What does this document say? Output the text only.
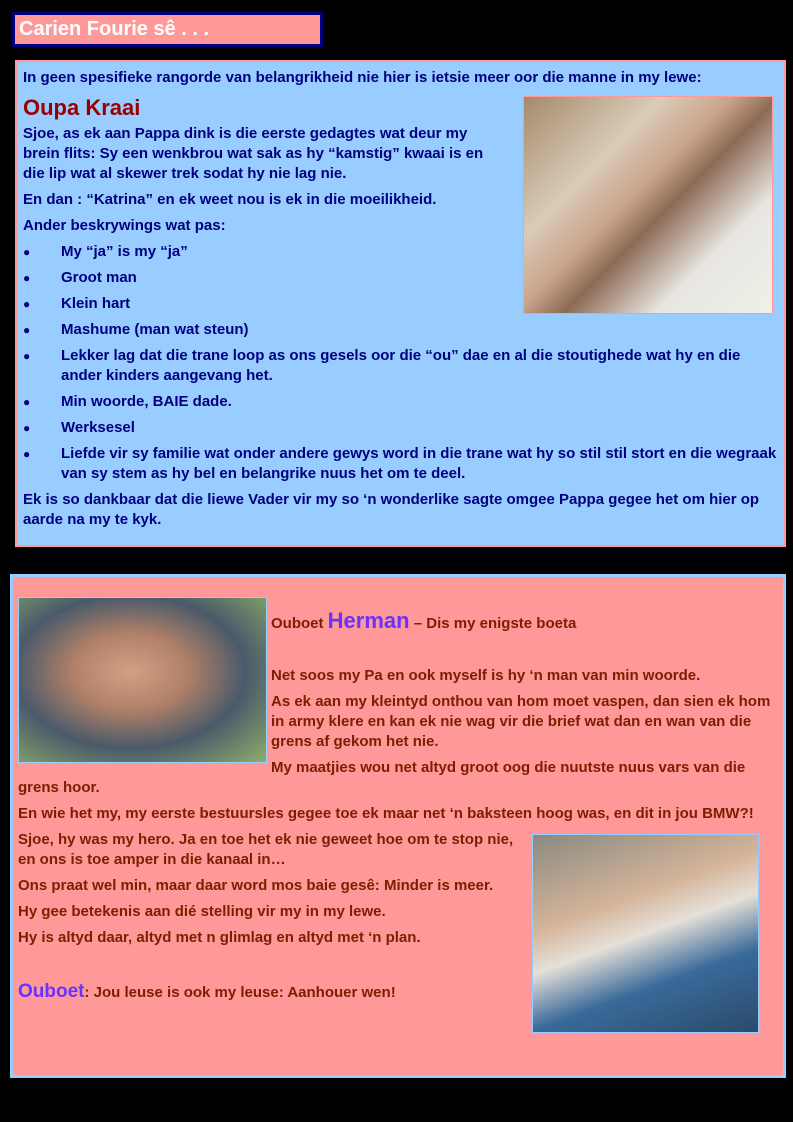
Carien Fourie sê . . .

In geen spesifieke rangorde van belangrikheid nie hier is ietsie meer oor die manne in my lewe:

Oupa Kraai

Sjoe, as ek aan Pappa dink is die eerste gedagtes wat deur my brein flits: Sy een wenkbrou wat sak as hy “kamstig” kwaai is en die lip wat al skewer trek sodat hy nie lag nie.

En dan : “Katrina” en ek weet nou is ek in die moeilikheid.

Ander beskrywings wat pas:

● My “ja” is my “ja”
● Groot man
● Klein hart
● Mashume (man wat steun)
● Lekker lag dat die trane loop as ons gesels oor die “ou” dae en al die stoutighede wat hy en die ander kinders aangevang het.
● Min woorde, BAIE dade.
● Werksesel
● Liefde vir sy familie wat onder andere gewys word in die trane wat hy so stil stil stort en die wegraak van sy stem as hy bel en belangrike nuus het om te deel.

Ek is so dankbaar dat die liewe Vader vir my so ‘n wonderlike sagte omgee Pappa gegee het om hier op aarde na my te kyk.

Ouboet Herman – Dis my enigste boeta

Net soos my Pa en ook myself is hy ‘n man van min woorde.

As ek aan my kleintyd onthou van hom moet vaspen, dan sien ek hom in army klere en kan ek nie wag vir die brief wat dan en wan van die grens af gekom het nie.

My maatjies wou net altyd groot oog die nuutste nuus vars van die grens hoor.

En wie het my, my eerste bestuursles gegee toe ek maar net ‘n baksteen hoog was, en dit in jou BMW?!

Sjoe, hy was my hero. Ja en toe het ek nie geweet hoe om te stop nie, en ons is toe amper in die kanaal in…

Ons praat wel min, maar daar word mos baie gesê: Minder is meer.

Hy gee betekenis aan dié stelling vir my in my lewe.

Hy is altyd daar, altyd met n glimlag en altyd met ‘n plan.

Ouboet: Jou leuse is ook my leuse: Aanhouer wen!
